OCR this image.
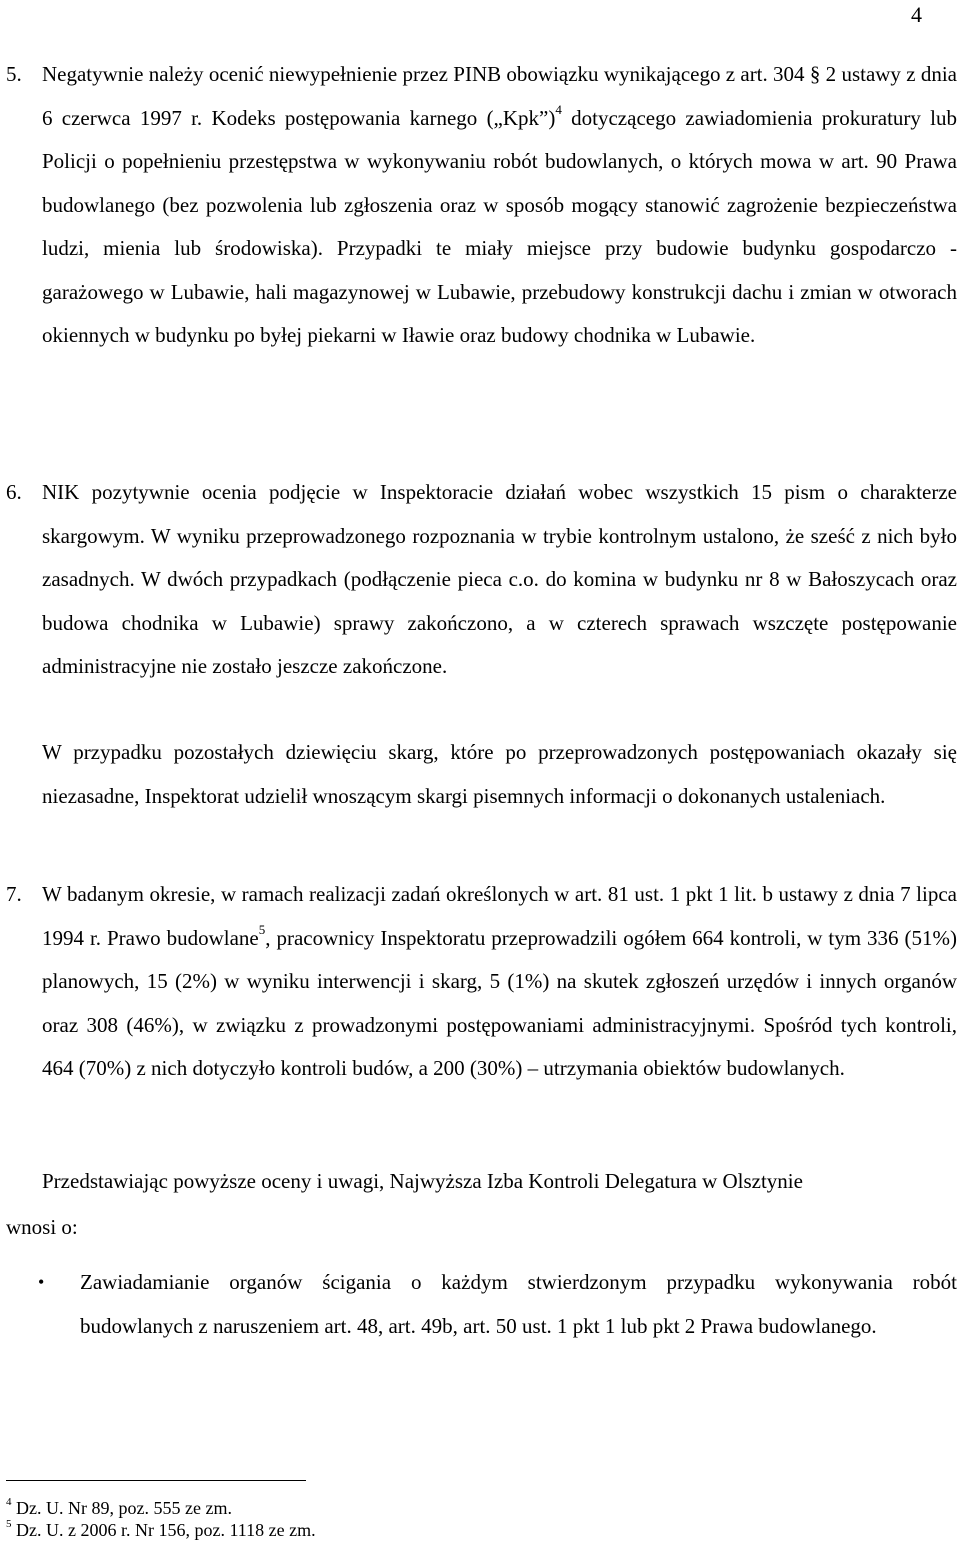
4
5. Negatywnie należy ocenić niewypełnienie przez PINB obowiązku wynikającego z art. 304 § 2 ustawy z dnia 6 czerwca 1997 r. Kodeks postępowania karnego („Kpk”)$^4$ dotyczącego zawiadomienia prokuratury lub Policji o popełnieniu przestępstwa w wykonywaniu robót budowlanych, o których mowa w art. 90 Prawa budowlanego (bez pozwolenia lub zgłoszenia oraz w sposób mogący stanowić zagrożenie bezpieczeństwa ludzi, mienia lub środowiska). Przypadki te miały miejsce przy budowie budynku gospodarczo - garażowego w Lubawie, hali magazynowej w Lubawie, przebudowy konstrukcji dachu i zmian w otworach okiennych w budynku po byłej piekarni w Iławie oraz budowy chodnika w Lubawie.
6. NIK pozytywnie ocenia podjęcie w Inspektoracie działań wobec wszystkich 15 pism o charakterze skargowym. W wyniku przeprowadzonego rozpoznania w trybie kontrolnym ustalono, że sześć z nich było zasadnych. W dwóch przypadkach (podłączenie pieca c.o. do komina w budynku nr 8 w Bałoszycach oraz budowa chodnika w Lubawie) sprawy zakończono, a w czterech sprawach wszczęte postępowanie administracyjne nie zostało jeszcze zakończone.
W przypadku pozostałych dziewięciu skarg, które po przeprowadzonych postępowaniach okazały się niezasadne, Inspektorat udzielił wnoszącym skargi pisemnych informacji o dokonanych ustaleniach.
7. W badanym okresie, w ramach realizacji zadań określonych w art. 81 ust. 1 pkt 1 lit. b ustawy z dnia 7 lipca 1994 r. Prawo budowlane$^5$, pracownicy Inspektoratu przeprowadzili ogółem 664 kontroli, w tym 336 (51%) planowych, 15 (2%) w wyniku interwencji i skarg, 5 (1%) na skutek zgłoszeń urzędów i innych organów oraz 308 (46%), w związku z prowadzonymi postępowaniami administracyjnymi. Spośród tych kontroli, 464 (70%) z nich dotyczyło kontroli budów, a 200 (30%) – utrzymania obiektów budowlanych.
Przedstawiając powyższe oceny i uwagi, Najwyższa Izba Kontroli Delegatura w Olsztynie
wnosi o:
• Zawiadamianie organów ścigania o każdym stwierdzonym przypadku wykonywania robót budowlanych z naruszeniem art. 48, art. 49b, art. 50 ust. 1 pkt 1 lub pkt 2 Prawa budowlanego.
$^4$ Dz. U. Nr 89, poz. 555 ze zm.
$^5$ Dz. U. z 2006 r. Nr 156, poz. 1118 ze zm.
